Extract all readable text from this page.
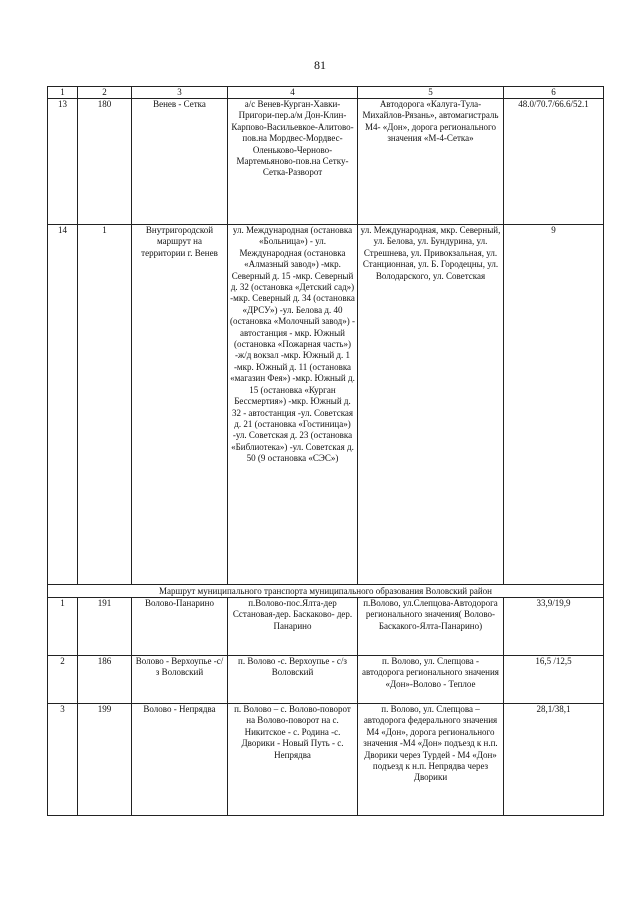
81
1	2	3	4	5	6
13	180	Венев - Сетка	а/с Венев-Курган-Хавки-Пригори-пер.а/м Дон-Клин-Карпово-Васильевкое-Алитово-пов.на Мордвес-Мордвес-Оленьково-Черново-Мартемьяново-пов.на Сетку-Сетка-Разворот	Автодорога «Калуга-Тула-Михайлов-Рязань», автомагистраль М4- «Дон», дорога регионального значения «М-4-Сетка»	48.0/70.7/66.6/52.1
14	1	Внутригородской маршрут на территории г. Венев	ул. Международная (остановка «Больница») - ул. Международная (остановка «Алмазный завод») -мкр. Северный д. 15 -мкр. Северный д. 32 (остановка «Детский сад») -мкр. Северный д. 34 (остановка «ДРСУ») -ул. Белова д. 40 (остановка «Молочный завод») - автостанция - мкр. Южный (остановка «Пожарная часть») -ж/д вокзал -мкр. Южный д. 1 -мкр. Южный д. 11 (остановка «магазин Фея») -мкр. Южный д. 15 (остановка «Курган Бессмертия») -мкр. Южный д. 32 - автостанция -ул. Советская д. 21 (остановка «Гостиница») -ул. Советская д. 23 (остановка «Библиотека») -ул. Советская д. 50 (9 остановка «СЭС»)	ул. Международная, мкр. Северный, ул. Белова, ул. Бундурина, ул. Стрешнева, ул. Привокзальная, ул. Станционная, ул. Б. Городецны, ул. Володарского, ул. Советская	9
Маршрут муниципального транспорта муниципального образования Воловский район					
1	191	Волово-Панарино	п.Волово-пос.Ялта-дер Сстановая-дер. Баскаково- дер. Панарино	п.Волово, ул.Слепцова-Автодорога регионального значения( Волово-Баскакого-Ялта-Панарино)	33,9/19,9
2	186	Волово - Верхоупье -с/з Воловский	п. Волово -с. Верхоупье - с/з Воловский	п. Волово, ул. Слепцова - автодорога регионального значения «Дон»-Волово - Теплое	16,5 /12,5
3	199	Волово - Непрядва	п. Волово – с. Волово-поворот на Волово-поворот на с. Никитское - с. Родина -с. Дворики - Новый Путь - с. Непрядва	п. Волово, ул. Слепцова – автодорога федерального значения М4 «Дон», дорога регионального значения -М4 «Дон» подъезд к н.п. Дворики через Турдей - М4 «Дон» подъезд к н.п. Непрядва через Дворики	28,1/38,1
